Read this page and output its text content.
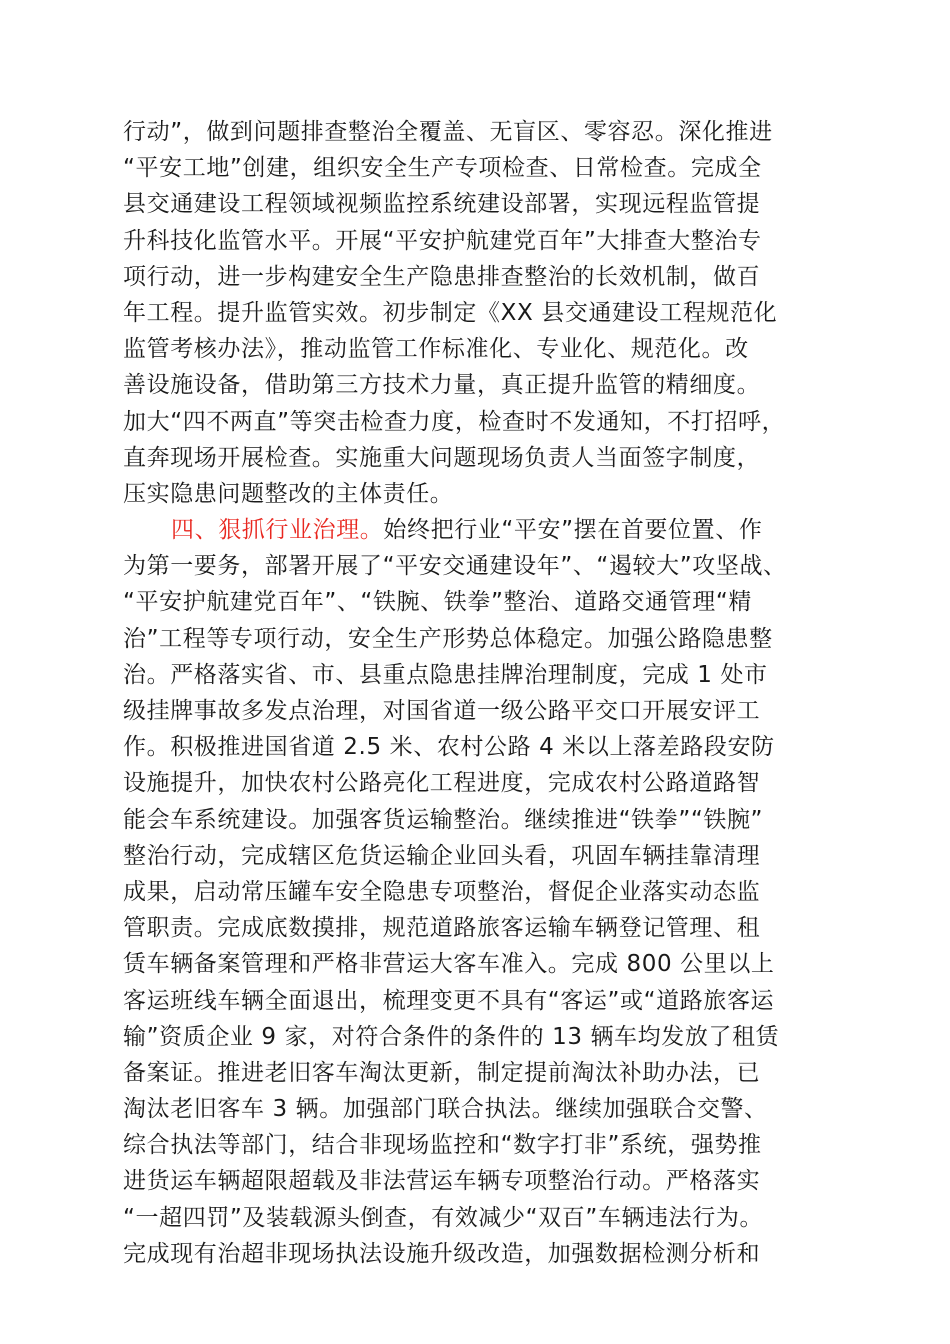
行动”，做到问题排查整治全覆盖、无盲区、零容忍。深化推进
“平安工地”创建，组织安全生产专项检查、日常检查。完成全
县交通建设工程领域视频监控系统建设部署，实现远程监管提
升科技化监管水平。开展“平安护航建党百年”大排查大整治专
项行动，进一步构建安全生产隐患排查整治的长效机制，做百
年工程。提升监管实效。初步制定《XX 县交通建设工程规范化
监管考核办法》，推动监管工作标准化、专业化、规范化。改
善设施设备，借助第三方技术力量，真正提升监管的精细度。
加大“四不两直”等突击检查力度，检查时不发通知，不打招呼，
直奔现场开展检查。实施重大问题现场负责人当面签字制度，
压实隐患问题整改的主体责任。
四、狠抓行业治理。始终把行业“平安”摆在首要位置、作
为第一要务，部署开展了“平安交通建设年”、“遏较大”攻坚战、
“平安护航建党百年”、“铁腕、铁拳”整治、道路交通管理“精
治”工程等专项行动，安全生产形势总体稳定。加强公路隐患整
治。严格落实省、市、县重点隐患挂牌治理制度，完成 1 处市
级挂牌事故多发点治理，对国省道一级公路平交口开展安评工
作。积极推进国省道 2.5 米、农村公路 4 米以上落差路段安防
设施提升，加快农村公路亮化工程进度，完成农村公路道路智
能会车系统建设。加强客货运输整治。继续推进“铁拳”“铁腕”
整治行动，完成辖区危货运输企业回头看，巩固车辆挂靠清理
成果，启动常压罐车安全隐患专项整治，督促企业落实动态监
管职责。完成底数摸排，规范道路旅客运输车辆登记管理、租
赁车辆备案管理和严格非营运大客车准入。完成 800 公里以上
客运班线车辆全面退出，梳理变更不具有“客运”或“道路旅客运
输”资质企业 9 家，对符合条件的条件的 13 辆车均发放了租赁
备案证。推进老旧客车淘汰更新，制定提前淘汰补助办法，已
淘汰老旧客车 3 辆。加强部门联合执法。继续加强联合交警、
综合执法等部门，结合非现场监控和“数字打非”系统，强势推
进货运车辆超限超载及非法营运车辆专项整治行动。严格落实
“一超四罚”及装载源头倒查，有效减少“双百”车辆违法行为。
完成现有治超非现场执法设施升级改造，加强数据检测分析和
